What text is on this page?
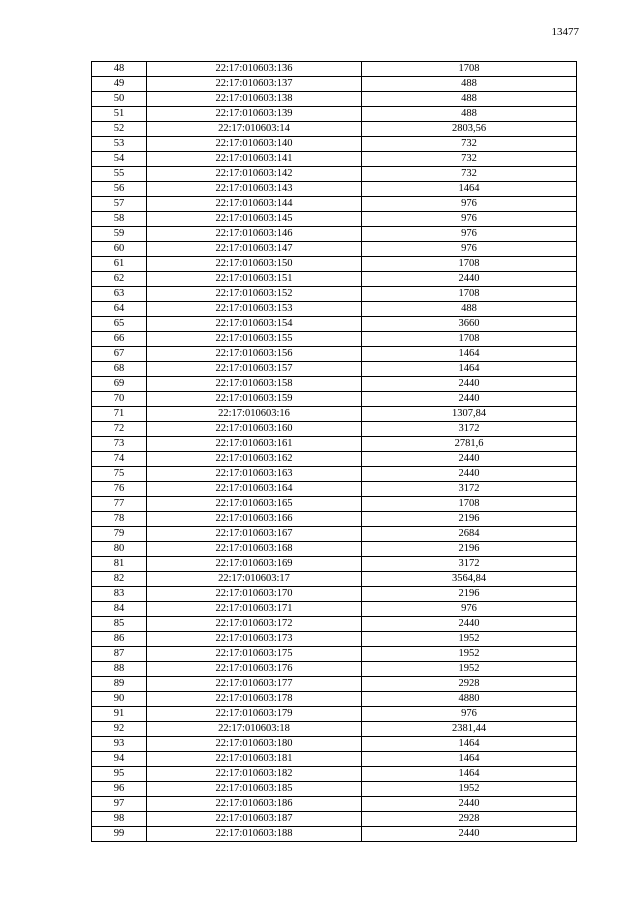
13477
48	22:17:010603:136	1708
49	22:17:010603:137	488
50	22:17:010603:138	488
51	22:17:010603:139	488
52	22:17:010603:14	2803,56
53	22:17:010603:140	732
54	22:17:010603:141	732
55	22:17:010603:142	732
56	22:17:010603:143	1464
57	22:17:010603:144	976
58	22:17:010603:145	976
59	22:17:010603:146	976
60	22:17:010603:147	976
61	22:17:010603:150	1708
62	22:17:010603:151	2440
63	22:17:010603:152	1708
64	22:17:010603:153	488
65	22:17:010603:154	3660
66	22:17:010603:155	1708
67	22:17:010603:156	1464
68	22:17:010603:157	1464
69	22:17:010603:158	2440
70	22:17:010603:159	2440
71	22:17:010603:16	1307,84
72	22:17:010603:160	3172
73	22:17:010603:161	2781,6
74	22:17:010603:162	2440
75	22:17:010603:163	2440
76	22:17:010603:164	3172
77	22:17:010603:165	1708
78	22:17:010603:166	2196
79	22:17:010603:167	2684
80	22:17:010603:168	2196
81	22:17:010603:169	3172
82	22:17:010603:17	3564,84
83	22:17:010603:170	2196
84	22:17:010603:171	976
85	22:17:010603:172	2440
86	22:17:010603:173	1952
87	22:17:010603:175	1952
88	22:17:010603:176	1952
89	22:17:010603:177	2928
90	22:17:010603:178	4880
91	22:17:010603:179	976
92	22:17:010603:18	2381,44
93	22:17:010603:180	1464
94	22:17:010603:181	1464
95	22:17:010603:182	1464
96	22:17:010603:185	1952
97	22:17:010603:186	2440
98	22:17:010603:187	2928
99	22:17:010603:188	2440
